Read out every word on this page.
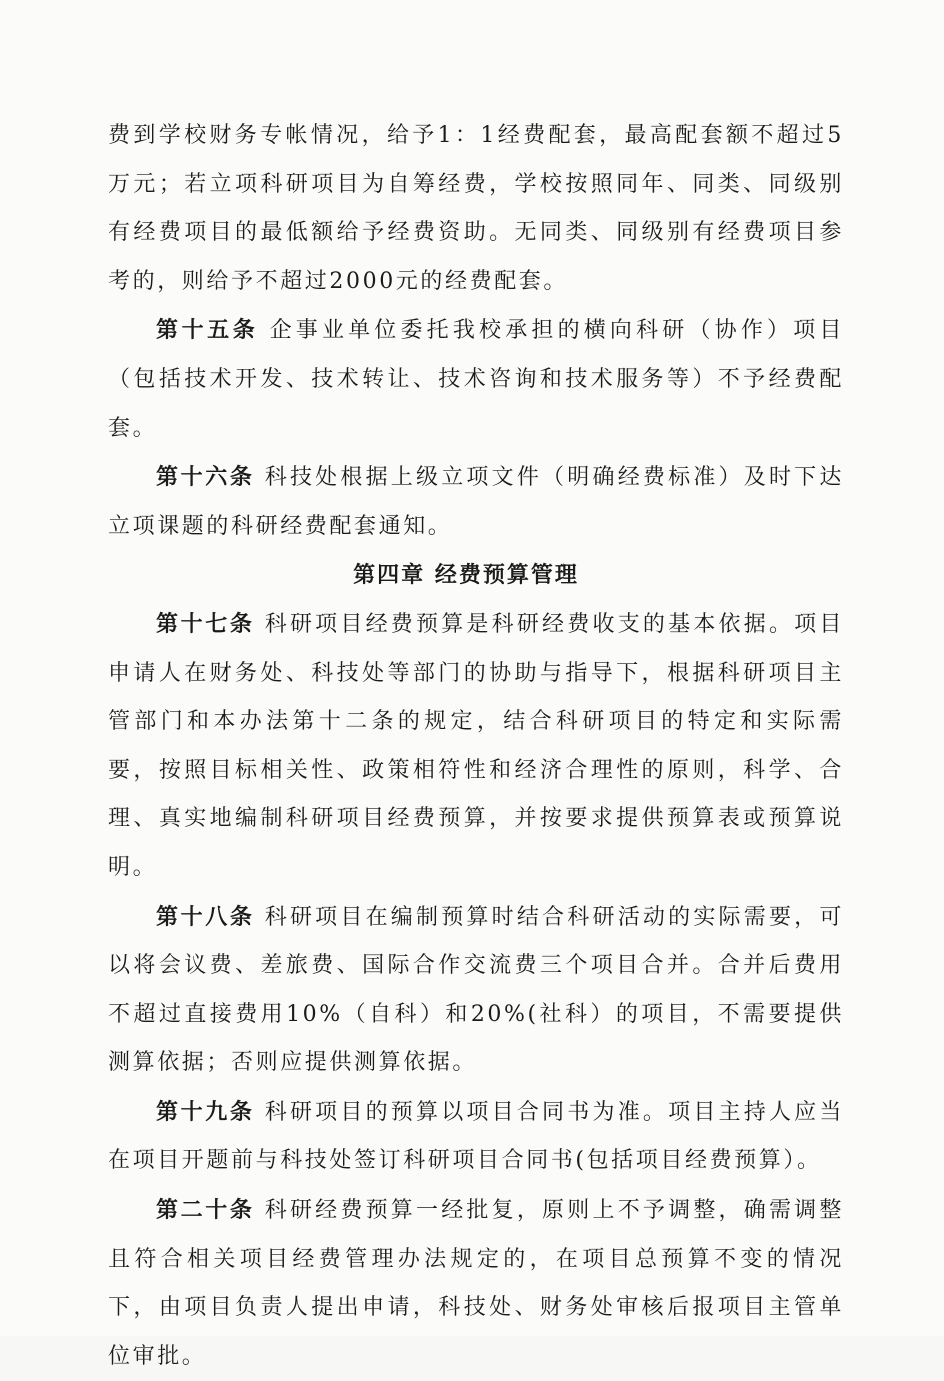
费到学校财务专帐情况，给予1：1经费配套，最高配套额不超过5万元；若立项科研项目为自筹经费，学校按照同年、同类、同级别有经费项目的最低额给予经费资助。无同类、同级别有经费项目参考的，则给予不超过2000元的经费配套。

第十五条 企事业单位委托我校承担的横向科研（协作）项目（包括技术开发、技术转让、技术咨询和技术服务等）不予经费配套。

第十六条 科技处根据上级立项文件（明确经费标准）及时下达立项课题的科研经费配套通知。

第四章 经费预算管理

第十七条 科研项目经费预算是科研经费收支的基本依据。项目申请人在财务处、科技处等部门的协助与指导下，根据科研项目主管部门和本办法第十二条的规定，结合科研项目的特定和实际需要，按照目标相关性、政策相符性和经济合理性的原则，科学、合理、真实地编制科研项目经费预算，并按要求提供预算表或预算说明。

第十八条 科研项目在编制预算时结合科研活动的实际需要，可以将会议费、差旅费、国际合作交流费三个项目合并。合并后费用不超过直接费用10%（自科）和20%(社科）的项目，不需要提供测算依据；否则应提供测算依据。

第十九条 科研项目的预算以项目合同书为准。项目主持人应当在项目开题前与科技处签订科研项目合同书(包括项目经费预算）。

第二十条 科研经费预算一经批复，原则上不予调整，确需调整且符合相关项目经费管理办法规定的，在项目总预算不变的情况下，由项目负责人提出申请，科技处、财务处审核后报项目主管单位审批。
